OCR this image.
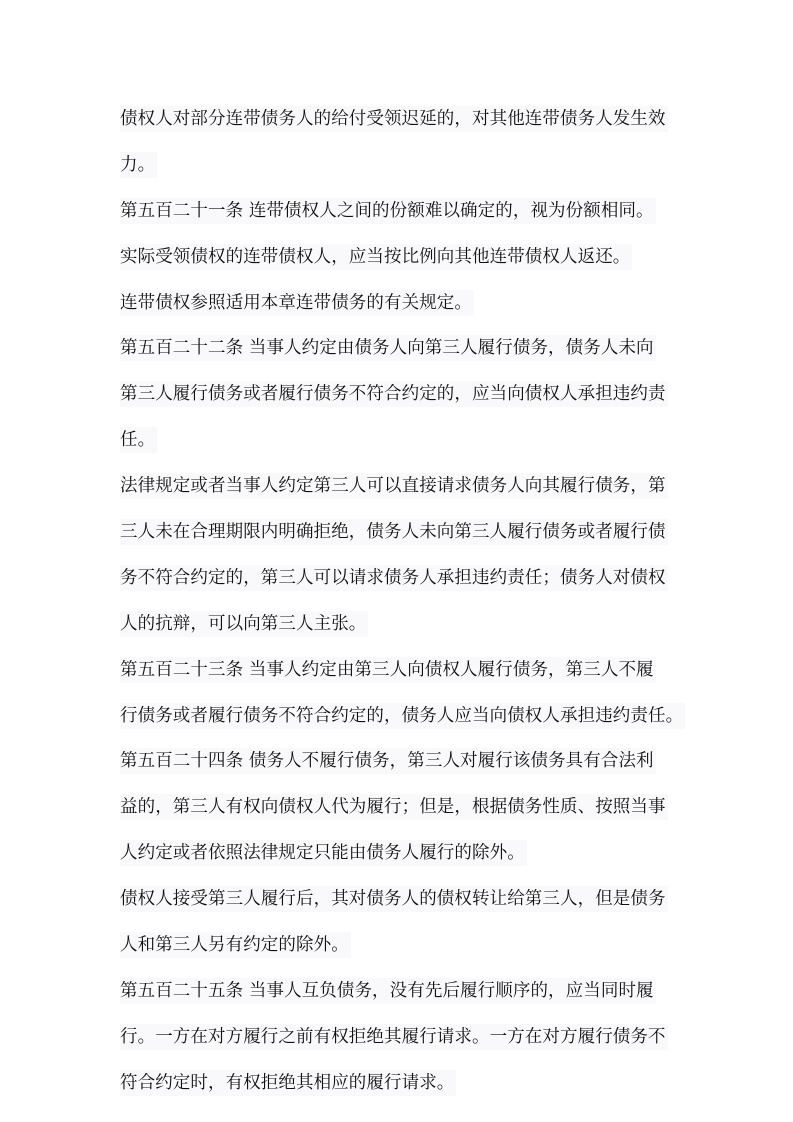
债权人对部分连带债务人的给付受领迟延的，对其他连带债务人发生效
力。
第五百二十一条 连带债权人之间的份额难以确定的，视为份额相同。
实际受领债权的连带债权人，应当按比例向其他连带债权人返还。
连带债权参照适用本章连带债务的有关规定。
第五百二十二条 当事人约定由债务人向第三人履行债务，债务人未向
第三人履行债务或者履行债务不符合约定的，应当向债权人承担违约责
任。
法律规定或者当事人约定第三人可以直接请求债务人向其履行债务，第
三人未在合理期限内明确拒绝，债务人未向第三人履行债务或者履行债
务不符合约定的，第三人可以请求债务人承担违约责任；债务人对债权
人的抗辩，可以向第三人主张。
第五百二十三条 当事人约定由第三人向债权人履行债务，第三人不履
行债务或者履行债务不符合约定的，债务人应当向债权人承担违约责任。
第五百二十四条 债务人不履行债务，第三人对履行该债务具有合法利
益的，第三人有权向债权人代为履行；但是，根据债务性质、按照当事
人约定或者依照法律规定只能由债务人履行的除外。
债权人接受第三人履行后，其对债务人的债权转让给第三人，但是债务
人和第三人另有约定的除外。
第五百二十五条 当事人互负债务，没有先后履行顺序的，应当同时履
行。一方在对方履行之前有权拒绝其履行请求。一方在对方履行债务不
符合约定时，有权拒绝其相应的履行请求。
